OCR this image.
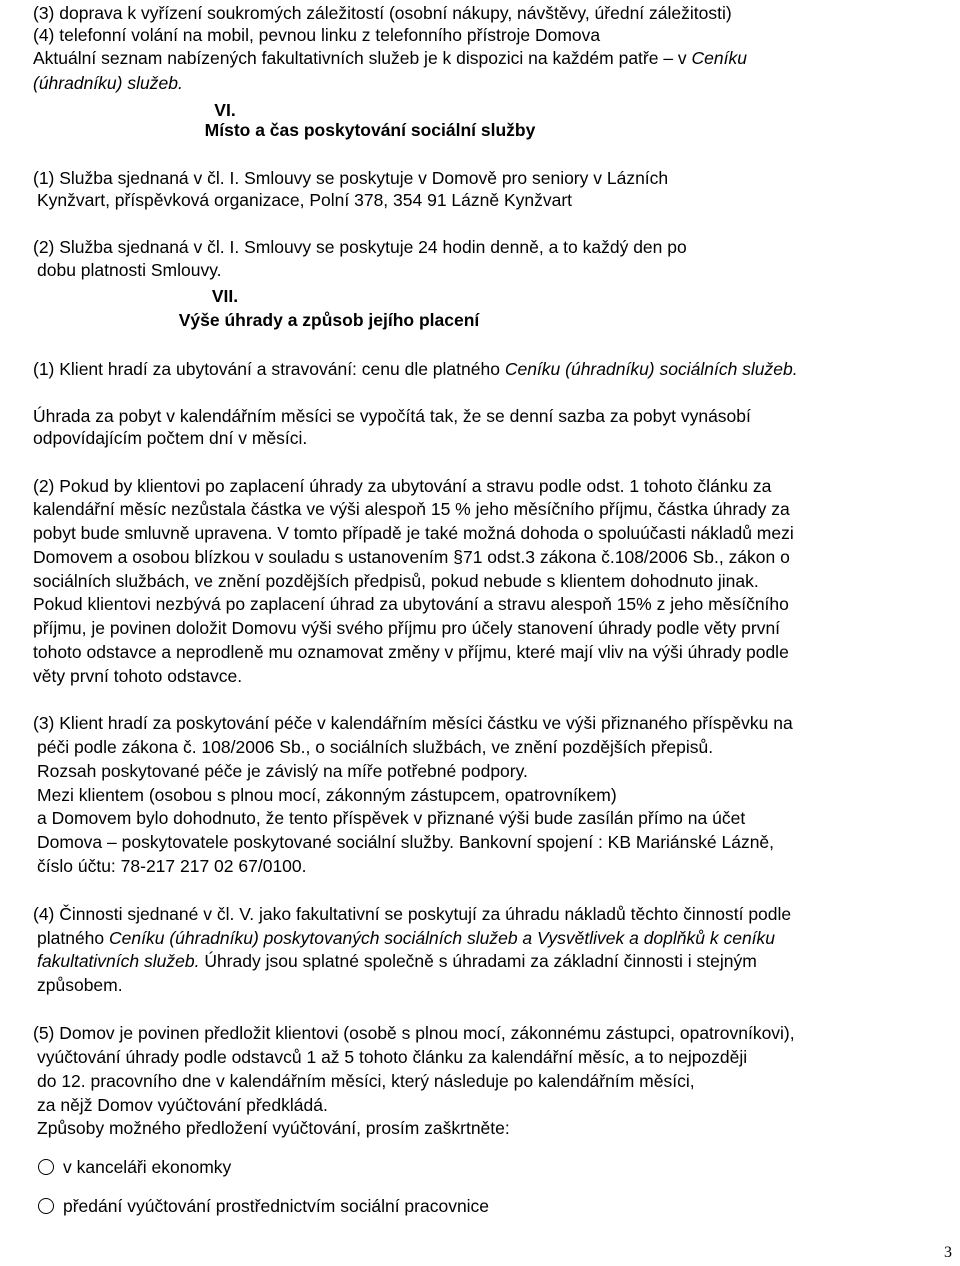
(3) doprava k vyřízení soukromých záležitostí (osobní nákupy, návštěvy, úřední záležitosti)
(4) telefonní volání na mobil, pevnou linku z telefonního přístroje Domova
Aktuální seznam nabízených fakultativních služeb je k dispozici na každém patře – v Ceníku
(úhradníku) služeb.
VI.
Místo a čas poskytování sociální služby
(1) Služba sjednaná v čl. I. Smlouvy se poskytuje v Domově pro seniory v Lázních
Kynžvart, příspěvková organizace, Polní 378, 354 91 Lázně Kynžvart
(2) Služba sjednaná v čl. I. Smlouvy se poskytuje 24 hodin denně, a to každý den po
dobu platnosti Smlouvy.
VII.
Výše úhrady a způsob jejího placení
(1) Klient hradí za ubytování a stravování: cenu dle platného Ceníku (úhradníku) sociálních služeb.
Úhrada za pobyt v kalendářním měsíci se vypočítá tak, že se denní sazba za pobyt vynásobí
odpovídajícím počtem dní v měsíci.
(2) Pokud by klientovi po zaplacení úhrady za ubytování a stravu podle odst. 1 tohoto článku za
kalendářní měsíc nezůstala částka ve výši alespoň 15 % jeho měsíčního příjmu, částka úhrady za
pobyt bude smluvně upravena. V tomto případě je také možná dohoda o spoluúčasti nákladů mezi
Domovem a osobou blízkou v souladu s ustanovením §71 odst.3 zákona č.108/2006 Sb., zákon o
sociálních službách, ve znění pozdějších předpisů, pokud nebude s klientem dohodnuto jinak.
Pokud klientovi nezbývá po zaplacení úhrad za ubytování a stravu alespoň 15% z jeho měsíčního
příjmu, je povinen doložit Domovu výši svého příjmu pro účely stanovení úhrady podle věty první
tohoto odstavce a neprodleně mu oznamovat změny v příjmu, které mají vliv na výši úhrady podle
věty první tohoto odstavce.
(3) Klient hradí za poskytování péče v kalendářním měsíci částku ve výši přiznaného příspěvku na
péči podle zákona č. 108/2006 Sb., o sociálních službách, ve znění pozdějších přepisů.
Rozsah poskytované péče je závislý na míře potřebné podpory.
Mezi klientem (osobou s plnou mocí, zákonným zástupcem, opatrovníkem)
a Domovem bylo dohodnuto, že tento příspěvek v přiznané výši bude zasílán přímo na účet
Domova – poskytovatele poskytované sociální služby. Bankovní spojení : KB Mariánské Lázně,
číslo účtu: 78-217 217 02 67/0100.
(4) Činnosti sjednané v čl. V. jako fakultativní se poskytují za úhradu nákladů těchto činností podle
platného Ceníku (úhradníku) poskytovaných sociálních služeb a Vysvětlivek a doplňků k ceníku
fakultativních služeb. Úhrady jsou splatné společně s úhradami za základní činnosti i stejným
způsobem.
(5) Domov je povinen předložit klientovi (osobě s plnou mocí, zákonnému zástupci, opatrovníkovi),
vyúčtování úhrady podle odstavců 1 až 5 tohoto článku za kalendářní měsíc, a to nejpozději
do 12. pracovního dne v kalendářním měsíci, který následuje po kalendářním měsíci,
za nějž Domov vyúčtování předkládá.
Způsoby možného předložení vyúčtování, prosím zaškrtněte:
v kanceláři ekonomky
předání vyúčtování prostřednictvím sociální pracovnice
3
